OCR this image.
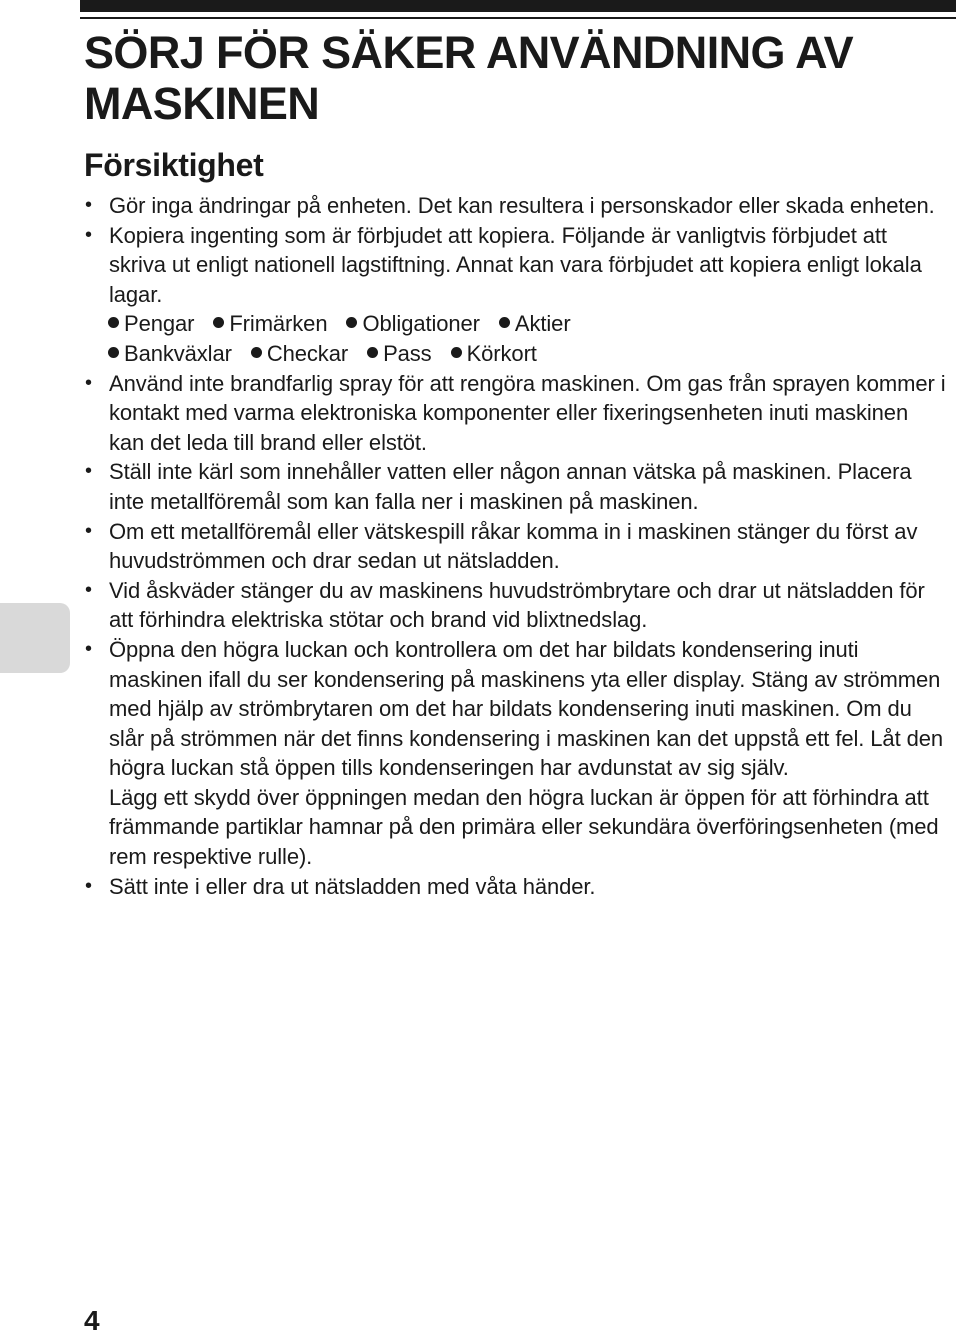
SÖRJ FÖR SÄKER ANVÄNDNING AV MASKINEN
Försiktighet
• Gör inga ändringar på enheten. Det kan resultera i personskador eller skada enheten.

• Kopiera ingenting som är förbjudet att kopiera. Följande är vanligtvis förbjudet att skriva ut enligt nationell lagstiftning. Annat kan vara förbjudet att kopiera enligt lokala lagar.

Pengar Frimärken Obligationer Aktier
Bankväxlar Checkar Pass Körkort
• Använd inte brandfarlig spray för att rengöra maskinen. Om gas från sprayen kommer i kontakt med varma elektroniska komponenter eller fixeringsenheten inuti maskinen kan det leda till brand eller elstöt.

• Ställ inte kärl som innehåller vatten eller någon annan vätska på maskinen. Placera inte metallföremål som kan falla ner i maskinen på maskinen.

• Om ett metallföremål eller vätskespill råkar komma in i maskinen stänger du först av huvudströmmen och drar sedan ut nätsladden.

• Vid åskväder stänger du av maskinens huvudströmbrytare och drar ut nätsladden för att förhindra elektriska stötar och brand vid blixtnedslag.

• Öppna den högra luckan och kontrollera om det har bildats kondensering inuti maskinen ifall du ser kondensering på maskinens yta eller display. Stäng av strömmen med hjälp av strömbrytaren om det har bildats kondensering inuti maskinen. Om du slår på strömmen när det finns kondensering i maskinen kan det uppstå ett fel. Låt den högra luckan stå öppen tills kondenseringen har avdunstat av sig själv.

Lägg ett skydd över öppningen medan den högra luckan är öppen för att förhindra att främmande partiklar hamnar på den primära eller sekundära överföringsenheten (med rem respektive rulle).

• Sätt inte i eller dra ut nätsladden med våta händer.

4
